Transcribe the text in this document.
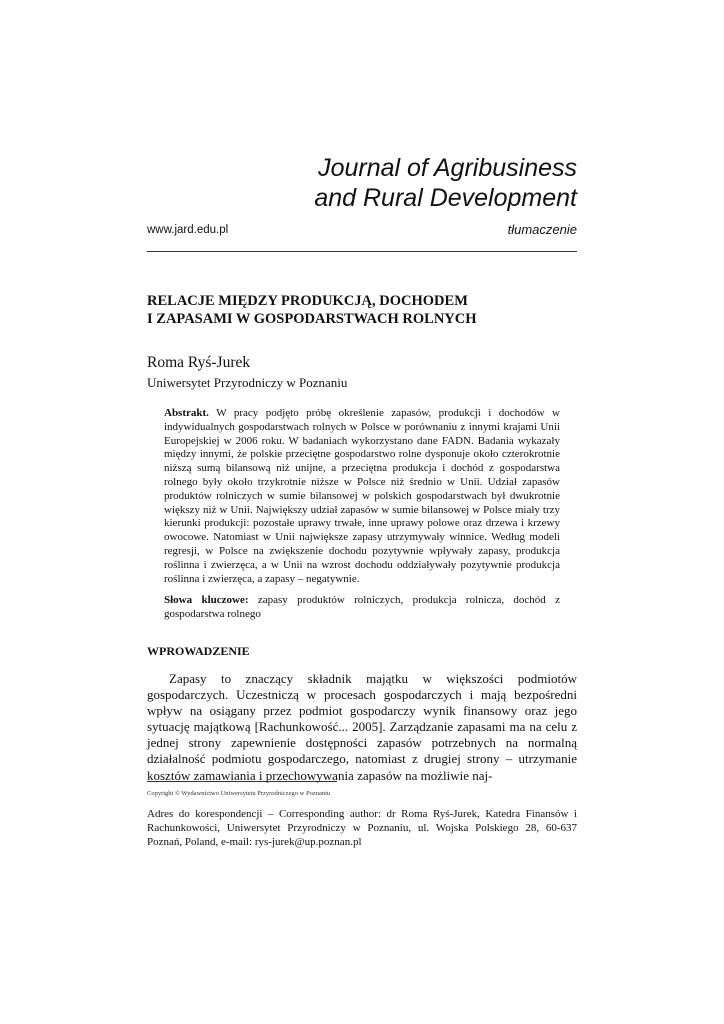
Journal of Agribusiness
and Rural Development
www.jard.edu.pl	tłumaczenie
RELACJE MIĘDZY PRODUKCJĄ, DOCHODEM
I ZAPASAMI W GOSPODARSTWACH ROLNYCH
Roma Ryś-Jurek
Uniwersytet Przyrodniczy w Poznaniu

Abstrakt. W pracy podjęto próbę określenie zapasów, produkcji i dochodów w indywidualnych gospodarstwach rolnych w Polsce w porównaniu z innymi krajami Unii Europejskiej w 2006 roku. W badaniach wykorzystano dane FADN. Badania wykazały między innymi, że polskie przeciętne gospodarstwo rolne dysponuje około czterokrotnie niższą sumą bilansową niż unijne, a przeciętna produkcja i dochód z gospodarstwa rolnego były około trzykrotnie niższe w Polsce niż średnio w Unii. Udział zapasów produktów rolniczych w sumie bilansowej w polskich gospodarstwach był dwukrotnie większy niż w Unii. Największy udział zapasów w sumie bilansowej w Polsce miały trzy kierunki produkcji: pozostałe uprawy trwałe, inne uprawy polowe oraz drzewa i krzewy owocowe. Natomiast w Unii największe zapasy utrzymywały winnice. Według modeli regresji, w Polsce na zwiększenie dochodu pozytywnie wpływały zapasy, produkcja roślinna i zwierzęca, a w Unii na wzrost dochodu oddziaływały pozytywnie produkcja roślinna i zwierzęca, a zapasy – negatywnie.

Słowa kluczowe: zapasy produktów rolniczych, produkcja rolnicza, dochód z gospodarstwa rolnego

WPROWADZENIE

Zapasy to znaczący składnik majątku w większości podmiotów gospodarczych. Uczestniczą w procesach gospodarczych i mają bezpośredni wpływ na osiągany przez podmiot gospodarczy wynik finansowy oraz jego sytuację majątkową [Rachunkowość... 2005]. Zarządzanie zapasami ma na celu z jednej strony zapewnienie dostępności zapasów potrzebnych na normalną działalność podmiotu gospodarczego, natomiast z drugiej strony – utrzymanie kosztów zamawiania i przechowywania zapasów na możliwie naj-

Copyright © Wydawnictwo Uniwersytetu Przyrodniczego w Poznaniu
Adres do korespondencji – Corresponding author: dr Roma Ryś-Jurek, Katedra Finansów i Rachunkowości, Uniwersytet Przyrodniczy w Poznaniu, ul. Wojska Polskiego 28, 60-637 Poznań, Poland, e-mail: rys-jurek@up.poznan.pl
